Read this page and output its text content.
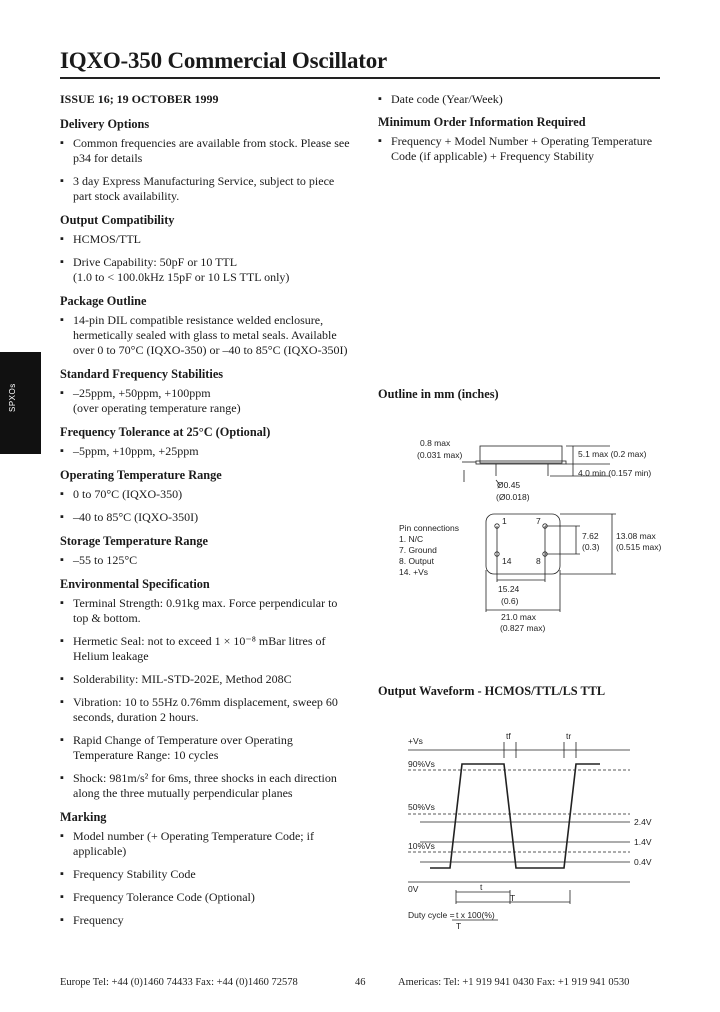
IQXO-350 Commercial Oscillator
SPXOs
ISSUE 16; 19 OCTOBER 1999
Delivery Options
▪ Common frequencies are available from stock. Please see p34 for details
▪ 3 day Express Manufacturing Service, subject to piece part stock availability.
Output Compatibility
▪ HCMOS/TTL
▪ Drive Capability: 50pF or 10 TTL
(1.0 to < 100.0kHz 15pF or 10 LS TTL only)
Package Outline
▪ 14-pin DIL compatible resistance welded enclosure, hermetically sealed with glass to metal seals. Available over 0 to 70°C (IQXO-350) or –40 to 85°C (IQXO-350I)
Standard Frequency Stabilities
▪ –25ppm, +50ppm, +100ppm
(over operating temperature range)
Frequency Tolerance at 25°C (Optional)
▪ –5ppm, +10ppm, +25ppm
Operating Temperature Range
▪ 0 to 70°C (IQXO-350)
▪ –40 to 85°C (IQXO-350I)
Storage Temperature Range
▪ –55 to 125°C
Environmental Specification
▪ Terminal Strength: 0.91kg max. Force perpendicular to top & bottom.
▪ Hermetic Seal: not to exceed 1 × 10⁻⁸ mBar litres of Helium leakage
▪ Solderability: MIL-STD-202E, Method 208C
▪ Vibration: 10 to 55Hz 0.76mm displacement, sweep 60 seconds, duration 2 hours.
▪ Rapid Change of Temperature over Operating Temperature Range: 10 cycles
▪ Shock: 981m/s² for 6ms, three shocks in each direction along the three mutually perpendicular planes
Marking
▪ Model number (+ Operating Temperature Code; if applicable)
▪ Frequency Stability Code
▪ Frequency Tolerance Code (Optional)
▪ Frequency
▪ Date code (Year/Week)
Minimum Order Information Required
▪ Frequency + Model Number + Operating Temperature Code (if applicable) + Frequency Stability
Outline in mm (inches)
0.8 max
(0.031 max)	5.1 max (0.2 max)
4.0 min (0.157 min)
Ø0.45
(Ø0.018)
Pin connections
1. N/C
7. Ground
8. Output
14. +Vs
1	7
14	8
7.62
(0.3)
13.08 max
(0.515 max)
15.24
(0.6)
21.0 max
(0.827 max)
Output Waveform - HCMOS/TTL/LS TTL
+Vs
90%Vs
50%Vs
10%Vs
0V
2.4V
1.4V
0.4V
tf	tr
t
T
Duty cycle = t x 100(%)
T
Europe Tel: +44 (0)1460 74433 Fax: +44 (0)1460 72578	46	Americas: Tel: +1 919 941 0430 Fax: +1 919 941 0530
